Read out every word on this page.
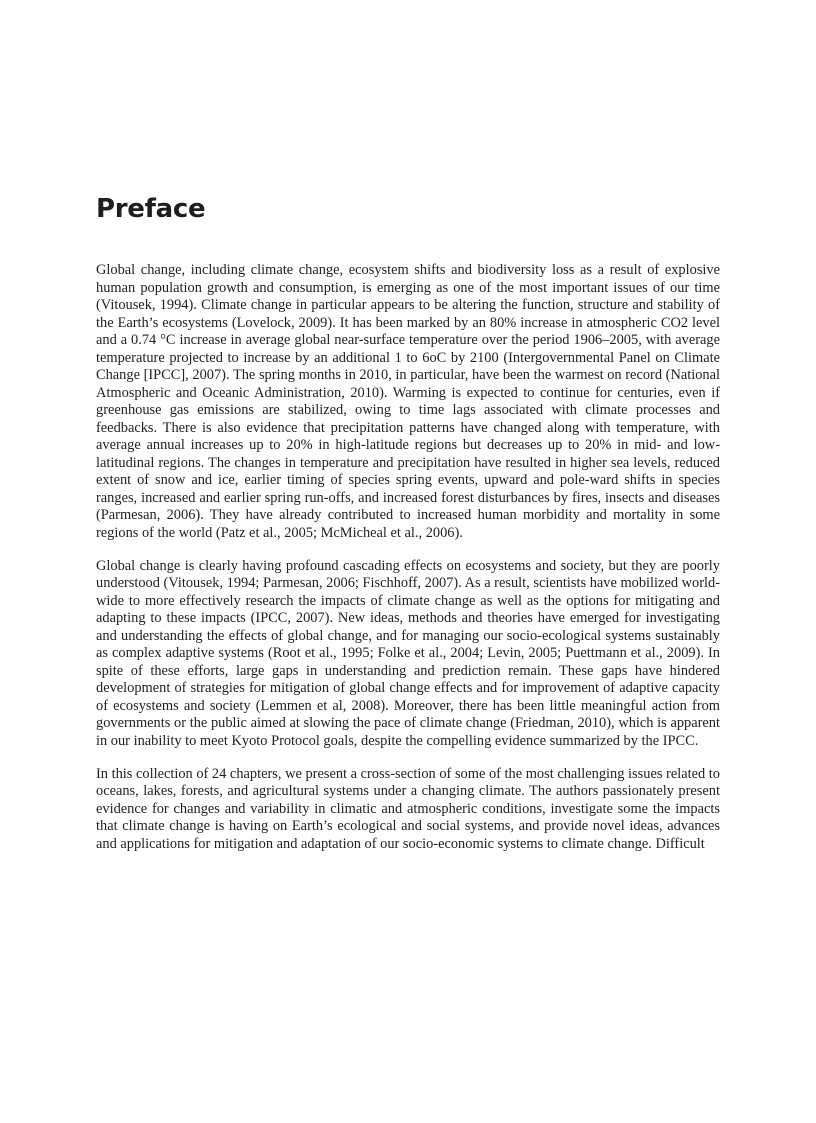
Preface

Global change, including climate change, ecosystem shifts and biodiversity loss as a result of explosive human population growth and consumption, is emerging as one of the most important issues of our time (Vitousek, 1994). Climate change in particular appears to be altering the function, structure and stability of the Earth’s ecosystems (Lovelock, 2009). It has been marked by an 80% increase in atmospheric CO2 level and a 0.74 °C increase in average global near-surface temperature over the period 1906–2005, with average temperature projected to increase by an additional 1 to 6oC by 2100 (Intergovernmental Panel on Climate Change [IPCC], 2007). The spring months in 2010, in particular, have been the warmest on record (National Atmospheric and Oceanic Administration, 2010). Warming is expected to continue for centuries, even if greenhouse gas emissions are stabilized, owing to time lags associated with climate processes and feedbacks. There is also evidence that precipitation patterns have changed along with temperature, with average annual increases up to 20% in high-latitude regions but decreases up to 20% in mid- and low-latitudinal regions. The changes in temperature and precipitation have resulted in higher sea levels, reduced extent of snow and ice, earlier timing of species spring events, upward and pole-ward shifts in species ranges, increased and earlier spring run-offs, and increased forest disturbances by fires, insects and diseases (Parmesan, 2006). They have already contributed to increased human morbidity and mortality in some regions of the world (Patz et al., 2005; McMicheal et al., 2006).

Global change is clearly having profound cascading effects on ecosystems and society, but they are poorly understood (Vitousek, 1994; Parmesan, 2006; Fischhoff, 2007). As a result, scientists have mobilized world-wide to more effectively research the impacts of climate change as well as the options for mitigating and adapting to these impacts (IPCC, 2007). New ideas, methods and theories have emerged for investigating and understanding the effects of global change, and for managing our socio-ecological systems sustainably as complex adaptive systems (Root et al., 1995; Folke et al., 2004; Levin, 2005; Puettmann et al., 2009). In spite of these efforts, large gaps in understanding and prediction remain. These gaps have hindered development of strategies for mitigation of global change effects and for improvement of adaptive capacity of ecosystems and society (Lemmen et al, 2008). Moreover, there has been little meaningful action from governments or the public aimed at slowing the pace of climate change (Friedman, 2010), which is apparent in our inability to meet Kyoto Protocol goals, despite the compelling evidence summarized by the IPCC.

In this collection of 24 chapters, we present a cross-section of some of the most challenging issues related to oceans, lakes, forests, and agricultural systems under a changing climate. The authors passionately present evidence for changes and variability in climatic and atmospheric conditions, investigate some the impacts that climate change is having on Earth’s ecological and social systems, and provide novel ideas, advances and applications for mitigation and adaptation of our socio-economic systems to climate change. Difficult
